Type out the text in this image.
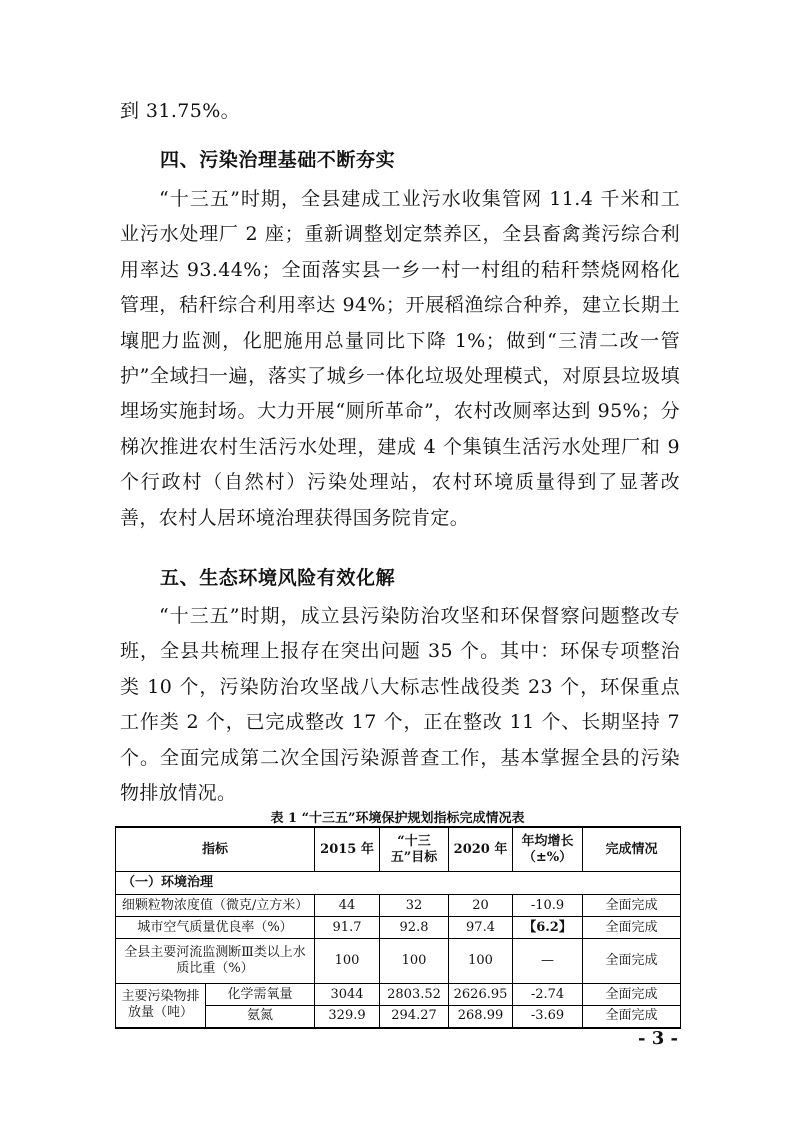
到 31.75%。

四、污染治理基础不断夯实

“十三五”时期，全县建成工业污水收集管网 11.4 千米和工业污水处理厂 2 座；重新调整划定禁养区，全县畜禽粪污综合利用率达 93.44%；全面落实县一乡一村一村组的秸秆禁烧网格化管理，秸秆综合利用率达 94%；开展稻渔综合种养，建立长期土壤肥力监测，化肥施用总量同比下降 1%；做到“三清二改一管护”全域扫一遍，落实了城乡一体化垃圾处理模式，对原县垃圾填埋场实施封场。大力开展“厕所革命”，农村改厕率达到 95%；分梯次推进农村生活污水处理，建成 4 个集镇生活污水处理厂和 9 个行政村（自然村）污染处理站，农村环境质量得到了显著改善，农村人居环境治理获得国务院肯定。

五、生态环境风险有效化解

“十三五”时期，成立县污染防治攻坚和环保督察问题整改专班，全县共梳理上报存在突出问题 35 个。其中：环保专项整治类 10 个，污染防治攻坚战八大标志性战役类 23 个，环保重点工作类 2 个，已完成整改 17 个，正在整改 11 个、长期坚持 7 个。全面完成第二次全国污染源普查工作，基本掌握全县的污染物排放情况。

表 1 “十三五”环境保护规划指标完成情况表

指标		2015 年	“十三五”目标	2020 年	年均增长（±%）	完成情况
（一）环境治理						
细颗粒物浓度值（微克/立方米）		44	32	20	-10.9	全面完成
城市空气质量优良率（%）		91.7	92.8	97.4	【6.2】	全面完成
全县主要河流监测断Ⅲ类以上水质比重（%）		100	100	100	—	全面完成
主要污染物排放量（吨）	化学需氧量	3044	2803.52	2626.95	-2.74	全面完成
	氨氮	329.9	294.27	268.99	-3.69	全面完成

- 3 -
